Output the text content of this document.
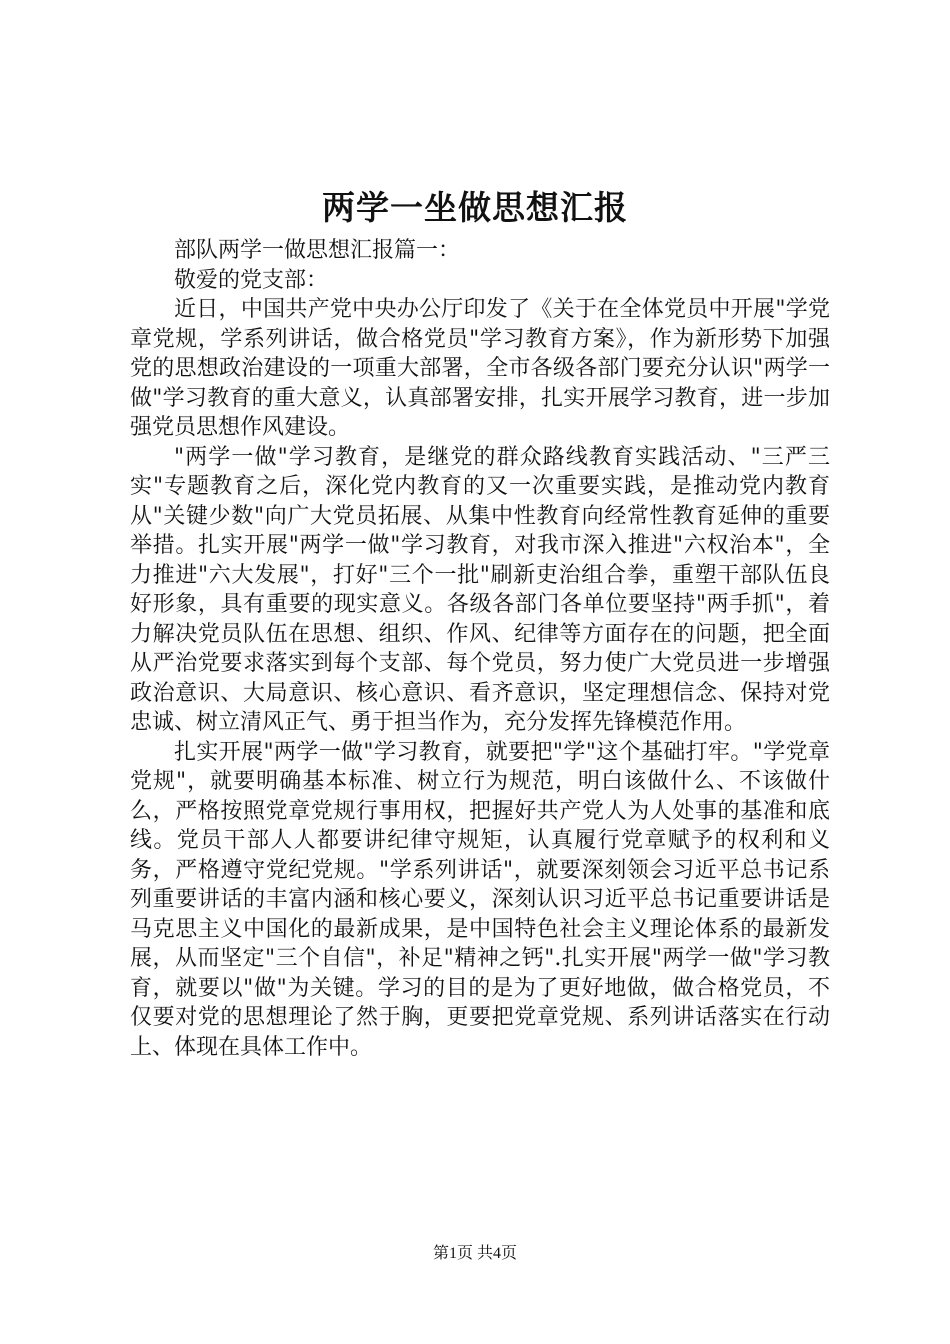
两学一坐做思想汇报

部队两学一做思想汇报篇一：

敬爱的党支部：

近日，中国共产党中央办公厅印发了《关于在全体党员中开展"学党章党规，学系列讲话，做合格党员"学习教育方案》，作为新形势下加强党的思想政治建设的一项重大部署，全市各级各部门要充分认识"两学一做"学习教育的重大意义，认真部署安排，扎实开展学习教育，进一步加强党员思想作风建设。

"两学一做"学习教育，是继党的群众路线教育实践活动、"三严三实"专题教育之后，深化党内教育的又一次重要实践，是推动党内教育从"关键少数"向广大党员拓展、从集中性教育向经常性教育延伸的重要举措。扎实开展"两学一做"学习教育，对我市深入推进"六权治本"，全力推进"六大发展"，打好"三个一批"刷新吏治组合拳，重塑干部队伍良好形象，具有重要的现实意义。各级各部门各单位要坚持"两手抓"，着力解决党员队伍在思想、组织、作风、纪律等方面存在的问题，把全面从严治党要求落实到每个支部、每个党员，努力使广大党员进一步增强政治意识、大局意识、核心意识、看齐意识，坚定理想信念、保持对党忠诚、树立清风正气、勇于担当作为，充分发挥先锋模范作用。

扎实开展"两学一做"学习教育，就要把"学"这个基础打牢。"学党章党规"，就要明确基本标准、树立行为规范，明白该做什么、不该做什么，严格按照党章党规行事用权，把握好共产党人为人处事的基准和底线。党员干部人人都要讲纪律守规矩，认真履行党章赋予的权利和义务，严格遵守党纪党规。"学系列讲话"，就要深刻领会习近平总书记系列重要讲话的丰富内涵和核心要义，深刻认识习近平总书记重要讲话是马克思主义中国化的最新成果，是中国特色社会主义理论体系的最新发展，从而坚定"三个自信"，补足"精神之钙".扎实开展"两学一做"学习教育，就要以"做"为关键。学习的目的是为了更好地做，做合格党员，不仅要对党的思想理论了然于胸，更要把党章党规、系列讲话落实在行动上、体现在具体工作中。

第1页 共4页
